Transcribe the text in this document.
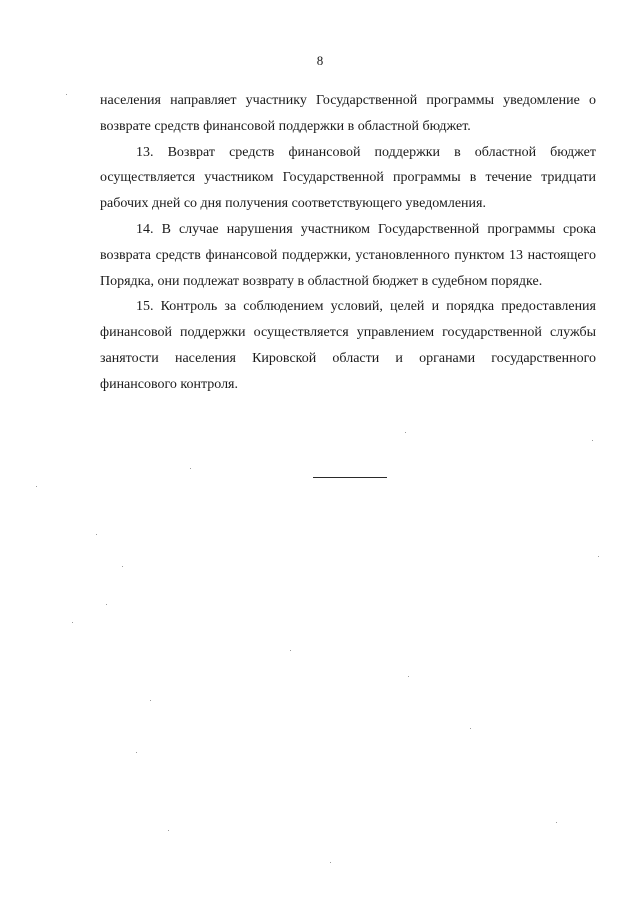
8

населения направляет участнику Государственной программы уведомление о возврате средств финансовой поддержки в областной бюджет.

13. Возврат средств финансовой поддержки в областной бюджет осуществляется участником Государственной программы в течение тридцати рабочих дней со дня получения соответствующего уведомления.

14. В случае нарушения участником Государственной программы срока возврата средств финансовой поддержки, установленного пунктом 13 настоящего Порядка, они подлежат возврату в областной бюджет в судебном порядке.

15. Контроль за соблюдением условий, целей и порядка предоставления финансовой поддержки осуществляется управлением государственной службы занятости населения Кировской области и органами государственного финансового контроля.
